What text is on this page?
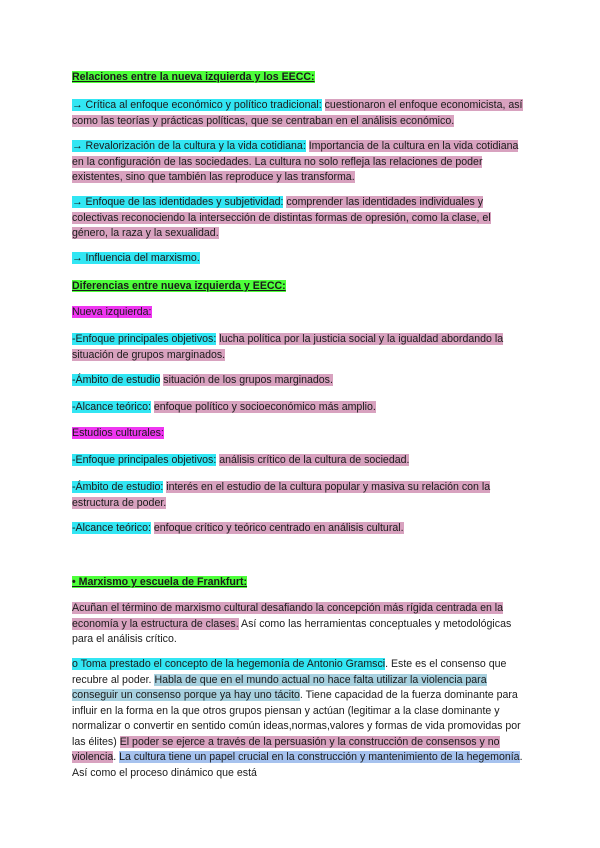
Relaciones entre la nueva izquierda y los EECC:

→ Crítica al enfoque económico y político tradicional: cuestionaron el enfoque economicista, así como las teorías y prácticas políticas, que se centraban en el análisis económico.

→ Revalorización de la cultura y la vida cotidiana: Importancia de la cultura en la vida cotidiana en la configuración de las sociedades. La cultura no solo refleja las relaciones de poder existentes, sino que también las reproduce y las transforma.

→ Enfoque de las identidades y subjetividad: comprender las identidades individuales y colectivas reconociendo la intersección de distintas formas de opresión, como la clase, el género, la raza y la sexualidad.

→ Influencia del marxismo.

Diferencias entre nueva izquierda y EECC:

Nueva izquierda:

-Enfoque principales objetivos: lucha política por la justicia social y la igualdad abordando la situación de grupos marginados.

-Ámbito de estudio situación de los grupos marginados.

-Alcance teórico: enfoque político y socioeconómico más amplio.

Estudios culturales:

-Enfoque principales objetivos: análisis crítico de la cultura de sociedad.

-Ámbito de estudio: interés en el estudio de la cultura popular y masiva su relación con la estructura de poder.

-Alcance teórico: enfoque crítico y teórico centrado en análisis cultural.

• Marxismo y escuela de Frankfurt:

Acuñan el término de marxismo cultural desafiando la concepción más rígida centrada en la economía y la estructura de clases. Así como las herramientas conceptuales y metodológicas para el análisis crítico.

o Toma prestado el concepto de la hegemonía de Antonio Gramsci. Este es el consenso que recubre al poder. Habla de que en el mundo actual no hace falta utilizar la violencia para conseguir un consenso porque ya hay uno tácito. Tiene capacidad de la fuerza dominante para influir en la forma en la que otros grupos piensan y actúan (legitimar a la clase dominante y normalizar o convertir en sentido común ideas,normas,valores y formas de vida promovidas por las élites) El poder se ejerce a través de la persuasión y la construcción de consensos y no violencia. La cultura tiene un papel crucial en la construcción y mantenimiento de la hegemonía. Así como el proceso dinámico que está
